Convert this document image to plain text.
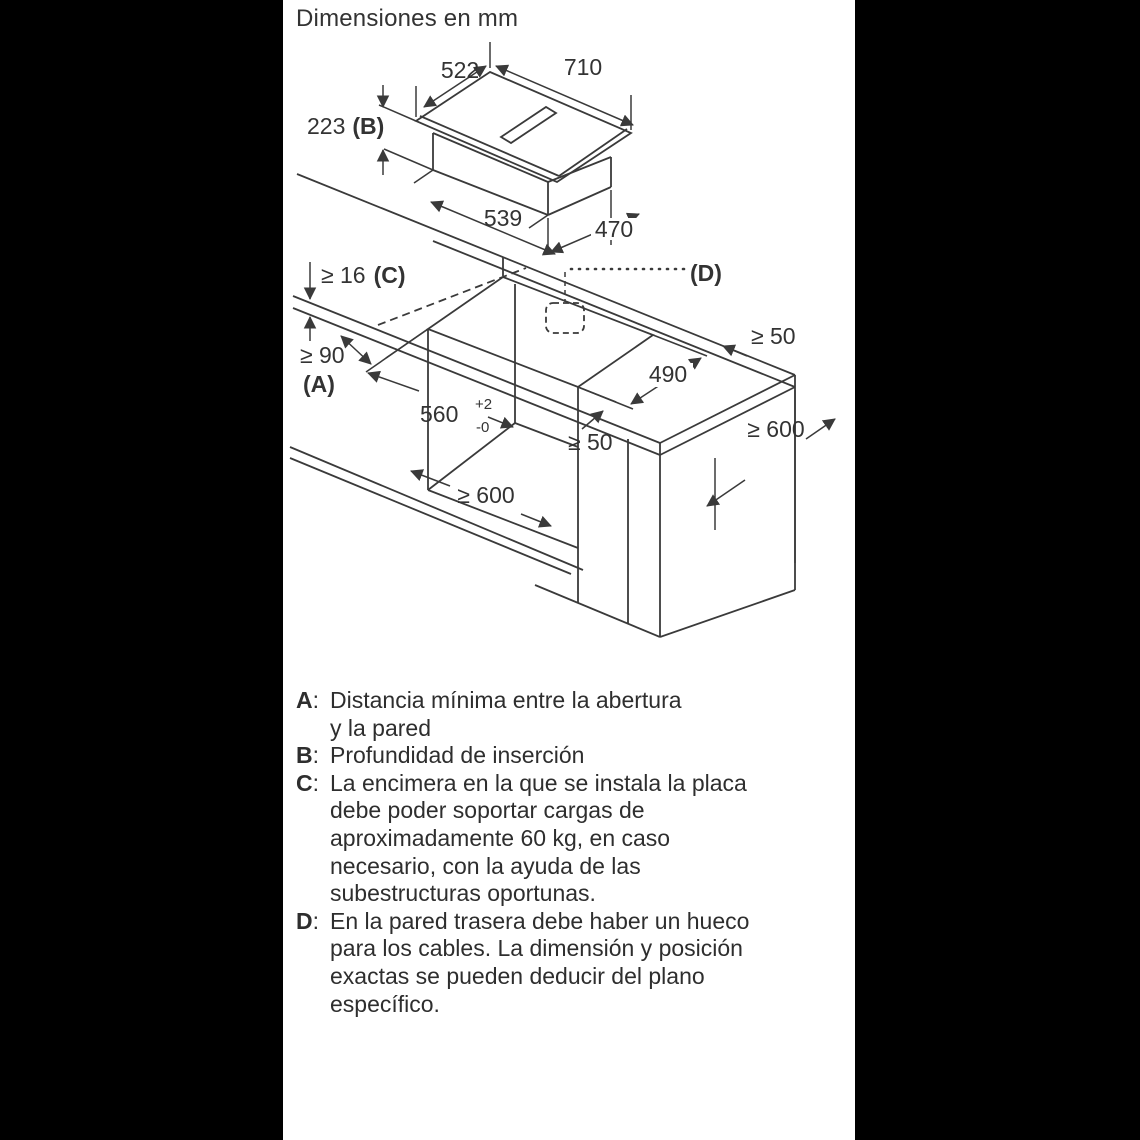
Dimensiones en mm
522	710
223 (B)
539	470
≥ 16 (C)	(D)
≥ 90
(A)
560 +2
-0
490
≥ 50
≥ 600
≥ 600
≥ 50
A: Distancia mínima entre la abertura
y la pared
B: Profundidad de inserción
C: La encimera en la que se instala la placa
debe poder soportar cargas de
aproximadamente 60 kg, en caso
necesario, con la ayuda de las
subestructuras oportunas.
D: En la pared trasera debe haber un hueco
para los cables. La dimensión y posición
exactas se pueden deducir del plano
específico.
